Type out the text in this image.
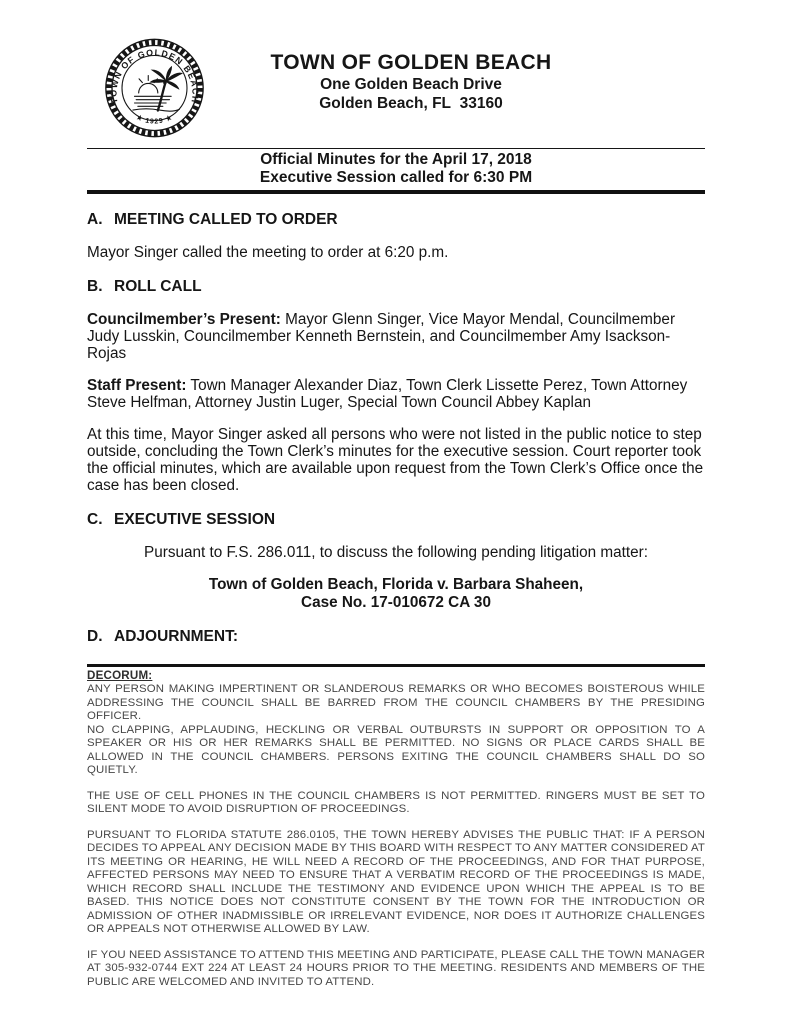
TOWN OF GOLDEN BEACH
★ 1929 ★
TOWN OF GOLDEN BEACH
One Golden Beach Drive
Golden Beach, FL  33160
Official Minutes for the April 17, 2018
Executive Session called for 6:30 PM
A. MEETING CALLED TO ORDER

Mayor Singer called the meeting to order at 6:20 p.m.

B. ROLL CALL

Councilmember’s Present: Mayor Glenn Singer, Vice Mayor Mendal, Councilmember Judy Lusskin, Councilmember Kenneth Bernstein, and Councilmember Amy Isackson-Rojas

Staff Present: Town Manager Alexander Diaz, Town Clerk Lissette Perez, Town Attorney Steve Helfman, Attorney Justin Luger, Special Town Council Abbey Kaplan

At this time, Mayor Singer asked all persons who were not listed in the public notice to step outside, concluding the Town Clerk’s minutes for the executive session. Court reporter took the official minutes, which are available upon request from the Town Clerk’s Office once the case has been closed.

C. EXECUTIVE SESSION

Pursuant to F.S. 286.011, to discuss the following pending litigation matter:

Town of Golden Beach, Florida v. Barbara Shaheen,
Case No. 17-010672 CA 30
D. ADJOURNMENT:
DECORUM:

ANY PERSON MAKING IMPERTINENT OR SLANDEROUS REMARKS OR WHO BECOMES BOISTEROUS WHILE ADDRESSING THE COUNCIL SHALL BE BARRED FROM THE COUNCIL CHAMBERS BY THE PRESIDING OFFICER.

NO CLAPPING, APPLAUDING, HECKLING OR VERBAL OUTBURSTS IN SUPPORT OR OPPOSITION TO A SPEAKER OR HIS OR HER REMARKS SHALL BE PERMITTED. NO SIGNS OR PLACE CARDS SHALL BE ALLOWED IN THE COUNCIL CHAMBERS. PERSONS EXITING THE COUNCIL CHAMBERS SHALL DO SO QUIETLY.

THE USE OF CELL PHONES IN THE COUNCIL CHAMBERS IS NOT PERMITTED. RINGERS MUST BE SET TO SILENT MODE TO AVOID DISRUPTION OF PROCEEDINGS.

PURSUANT TO FLORIDA STATUTE 286.0105, THE TOWN HEREBY ADVISES THE PUBLIC THAT: IF A PERSON DECIDES TO APPEAL ANY DECISION MADE BY THIS BOARD WITH RESPECT TO ANY MATTER CONSIDERED AT ITS MEETING OR HEARING, HE WILL NEED A RECORD OF THE PROCEEDINGS, AND FOR THAT PURPOSE, AFFECTED PERSONS MAY NEED TO ENSURE THAT A VERBATIM RECORD OF THE PROCEEDINGS IS MADE, WHICH RECORD SHALL INCLUDE THE TESTIMONY AND EVIDENCE UPON WHICH THE APPEAL IS TO BE BASED. THIS NOTICE DOES NOT CONSTITUTE CONSENT BY THE TOWN FOR THE INTRODUCTION OR ADMISSION OF OTHER INADMISSIBLE OR IRRELEVANT EVIDENCE, NOR DOES IT AUTHORIZE CHALLENGES OR APPEALS NOT OTHERWISE ALLOWED BY LAW.

IF YOU NEED ASSISTANCE TO ATTEND THIS MEETING AND PARTICIPATE, PLEASE CALL THE TOWN MANAGER AT 305-932-0744 EXT 224 AT LEAST 24 HOURS PRIOR TO THE MEETING. RESIDENTS AND MEMBERS OF THE PUBLIC ARE WELCOMED AND INVITED TO ATTEND.
